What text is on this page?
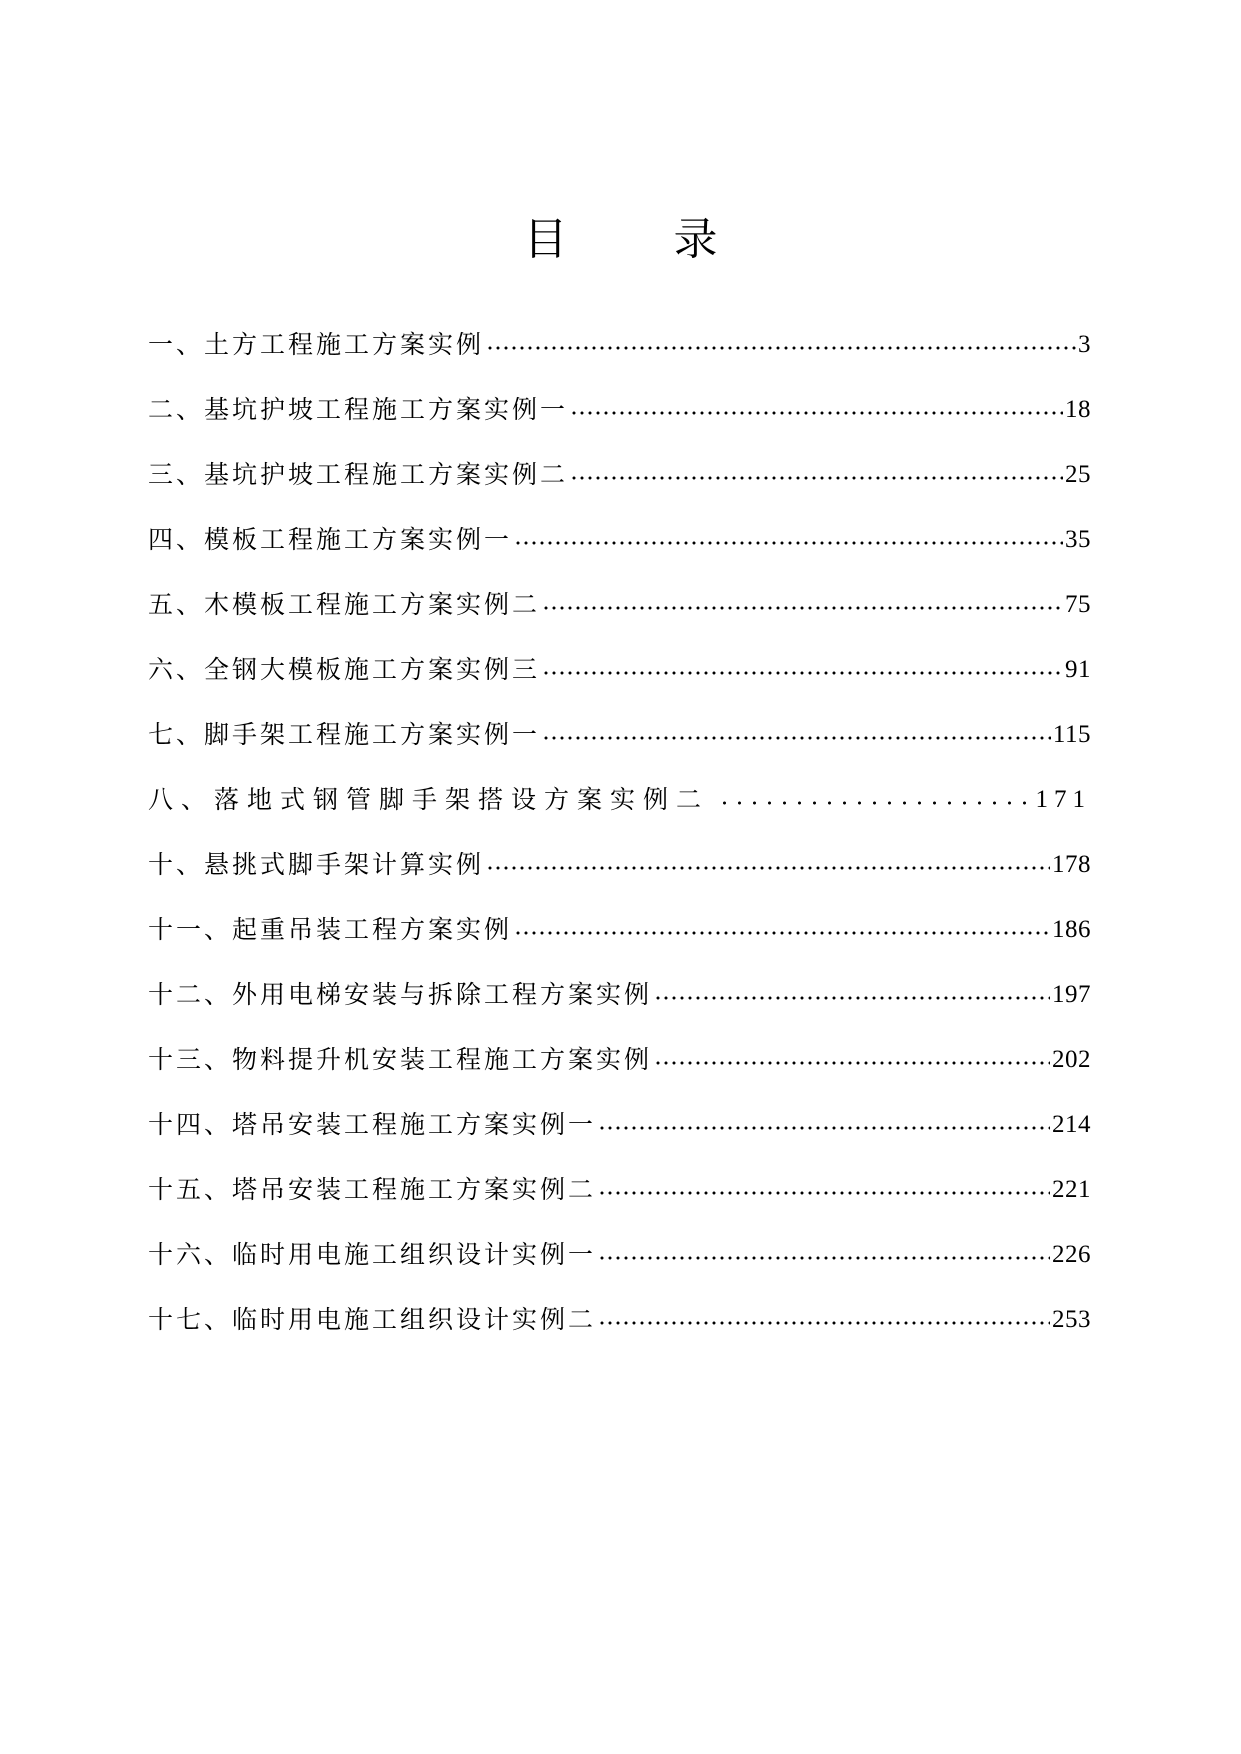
目 录
一、土方工程施工方案实例	3
二、基坑护坡工程施工方案实例一	18
三、基坑护坡工程施工方案实例二	25
四、模板工程施工方案实例一	35
五、木模板工程施工方案实例二	75
六、全钢大模板施工方案实例三	91
七、脚手架工程施工方案实例一	115
八、落地式钢管脚手架搭设方案实例二	171
十、悬挑式脚手架计算实例	178
十一、起重吊装工程方案实例	186
十二、外用电梯安装与拆除工程方案实例	197
十三、物料提升机安装工程施工方案实例	202
十四、塔吊安装工程施工方案实例一	214
十五、塔吊安装工程施工方案实例二	221
十六、临时用电施工组织设计实例一	226
十七、临时用电施工组织设计实例二	253
